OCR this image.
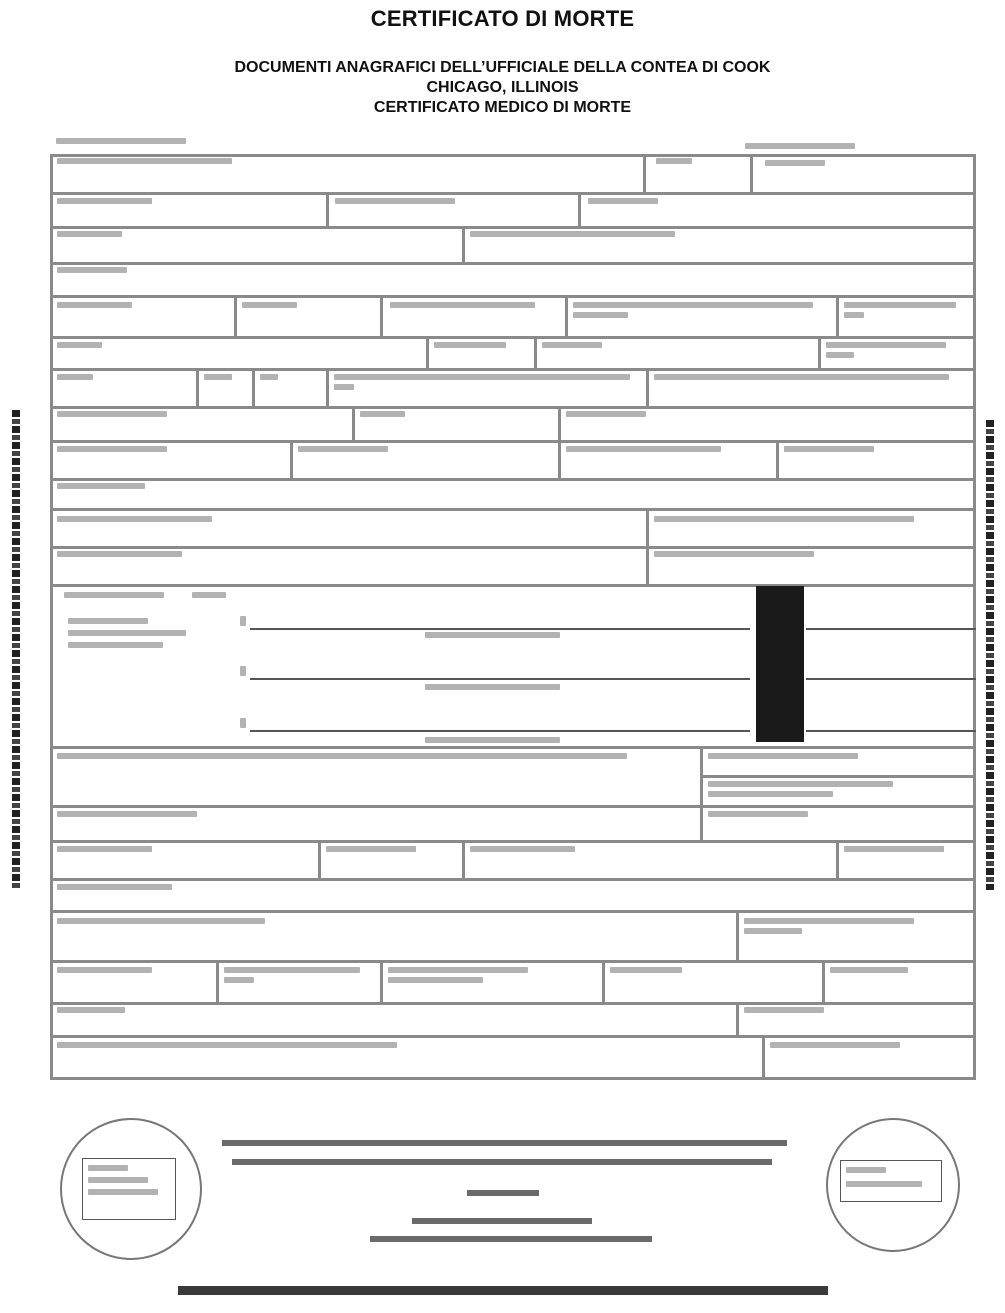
CERTIFICATO DI MORTE
DOCUMENTI ANAGRAFICI DELL’UFFICIALE DELLA CONTEA DI COOK
CHICAGO, ILLINOIS
CERTIFICATO MEDICO DI MORTE
